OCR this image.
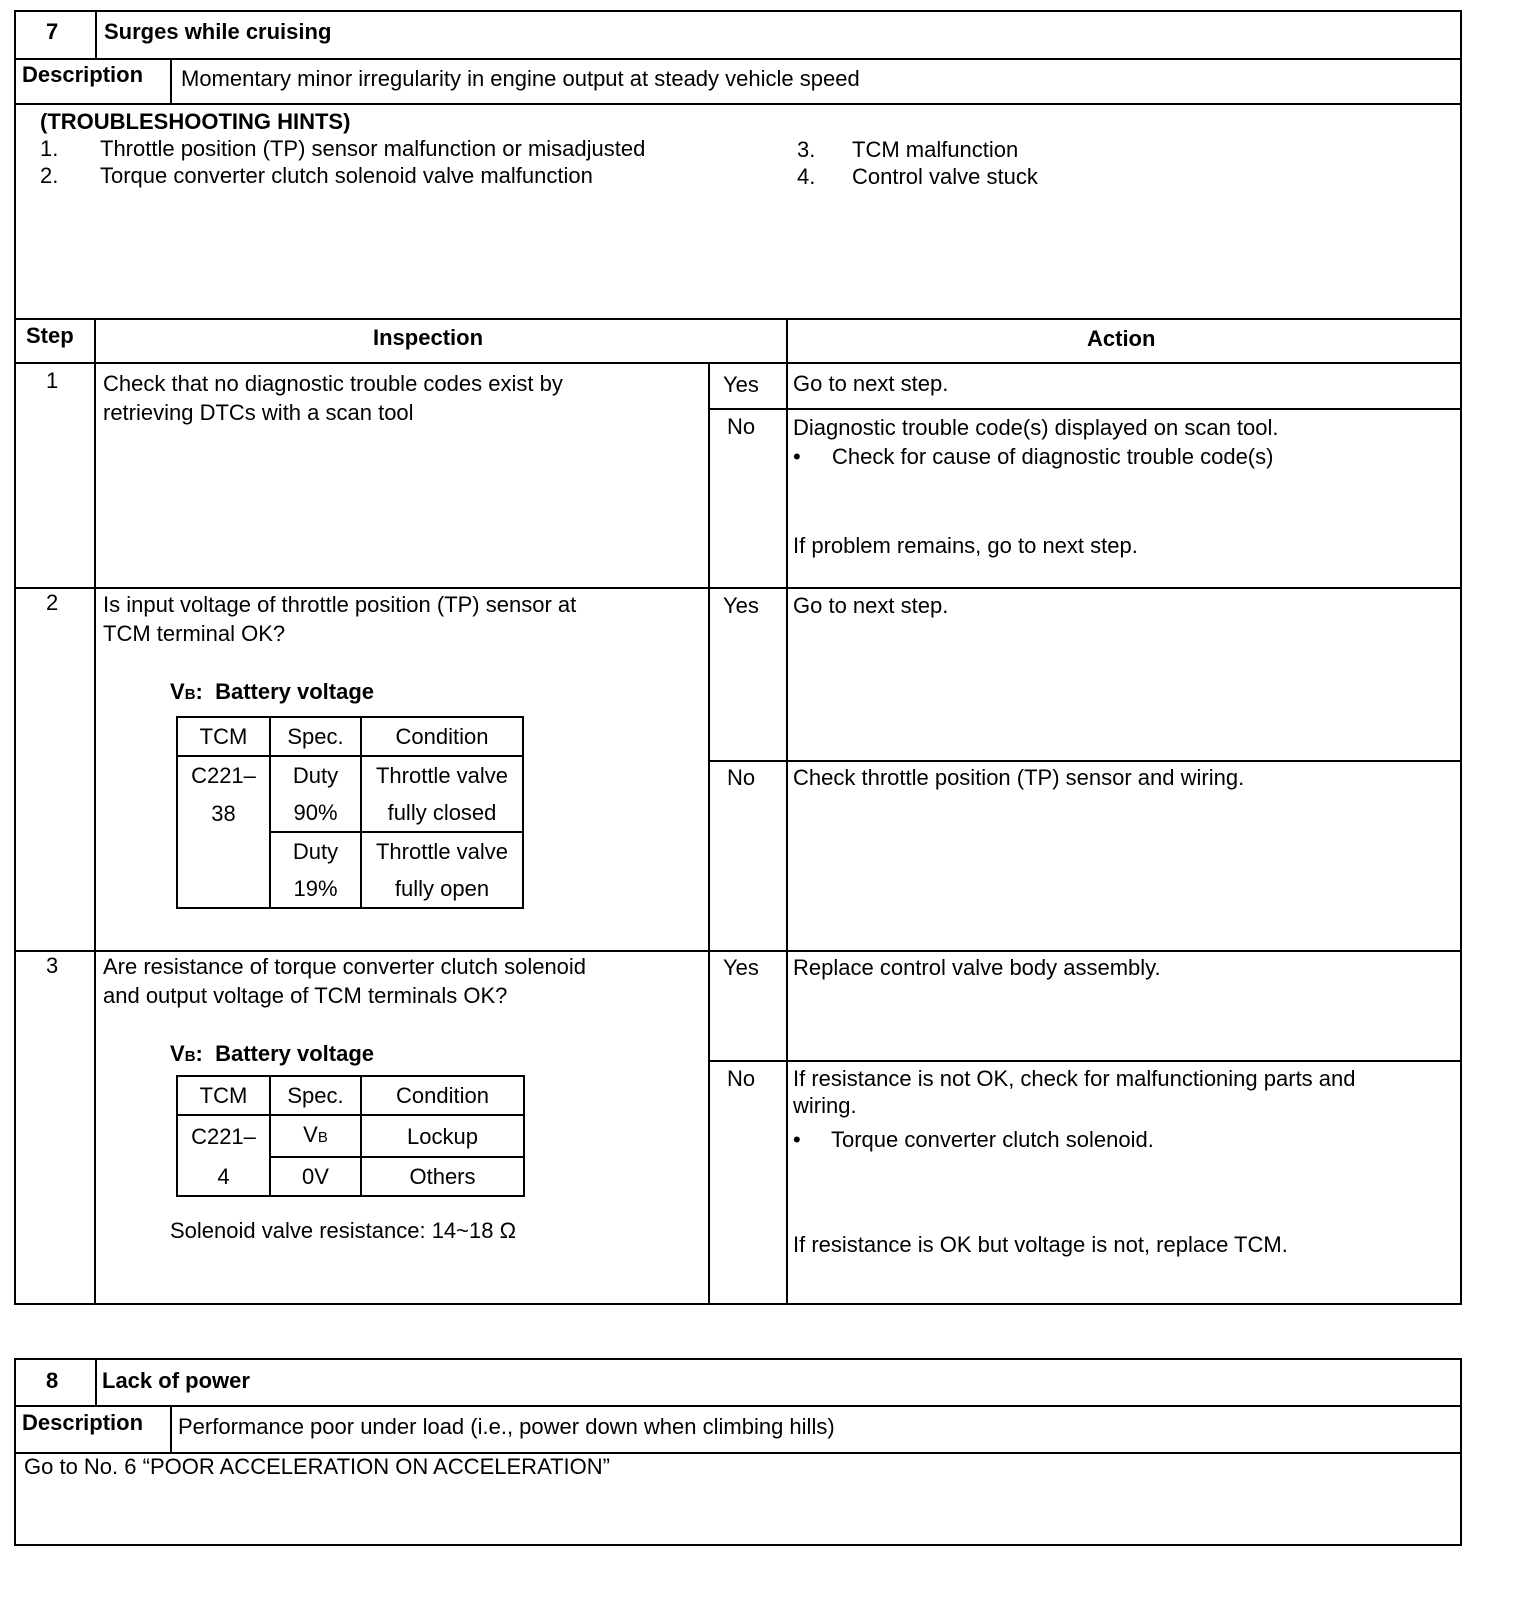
7 Surges while cruising
Description Momentary minor irregularity in engine output at steady vehicle speed
(TROUBLESHOOTING HINTS)
1. Throttle position (TP) sensor malfunction or misadjusted
2. Torque converter clutch solenoid valve malfunction
3. TCM malfunction
4. Control valve stuck
Step	Inspection	Action
1 Check that no diagnostic trouble codes exist by
retrieving DTCs with a scan tool
Yes Go to next step.
No Diagnostic trouble code(s) displayed on scan tool.
• Check for cause of diagnostic trouble code(s)
If problem remains, go to next step.
2 Is input voltage of throttle position (TP) sensor at
TCM terminal OK?
VB:  Battery voltage
TCM	Spec.	Condition
C221–	Duty	Throttle valve
38	90%	fully closed
	Duty	Throttle valve
	19%	fully open
Yes Go to next step.
No Check throttle position (TP) sensor and wiring.
3 Are resistance of torque converter clutch solenoid
and output voltage of TCM terminals OK?
VB:  Battery voltage
TCM	Spec.	Condition
C221–	VB	Lockup
4	0V	Others
Solenoid valve resistance: 14~18 Ω
Yes Replace control valve body assembly.
No If resistance is not OK, check for malfunctioning parts and
wiring.
• Torque converter clutch solenoid.
If resistance is OK but voltage is not, replace TCM.
8 Lack of power
Description Performance poor under load (i.e., power down when climbing hills)
Go to No. 6 “POOR ACCELERATION ON ACCELERATION”
